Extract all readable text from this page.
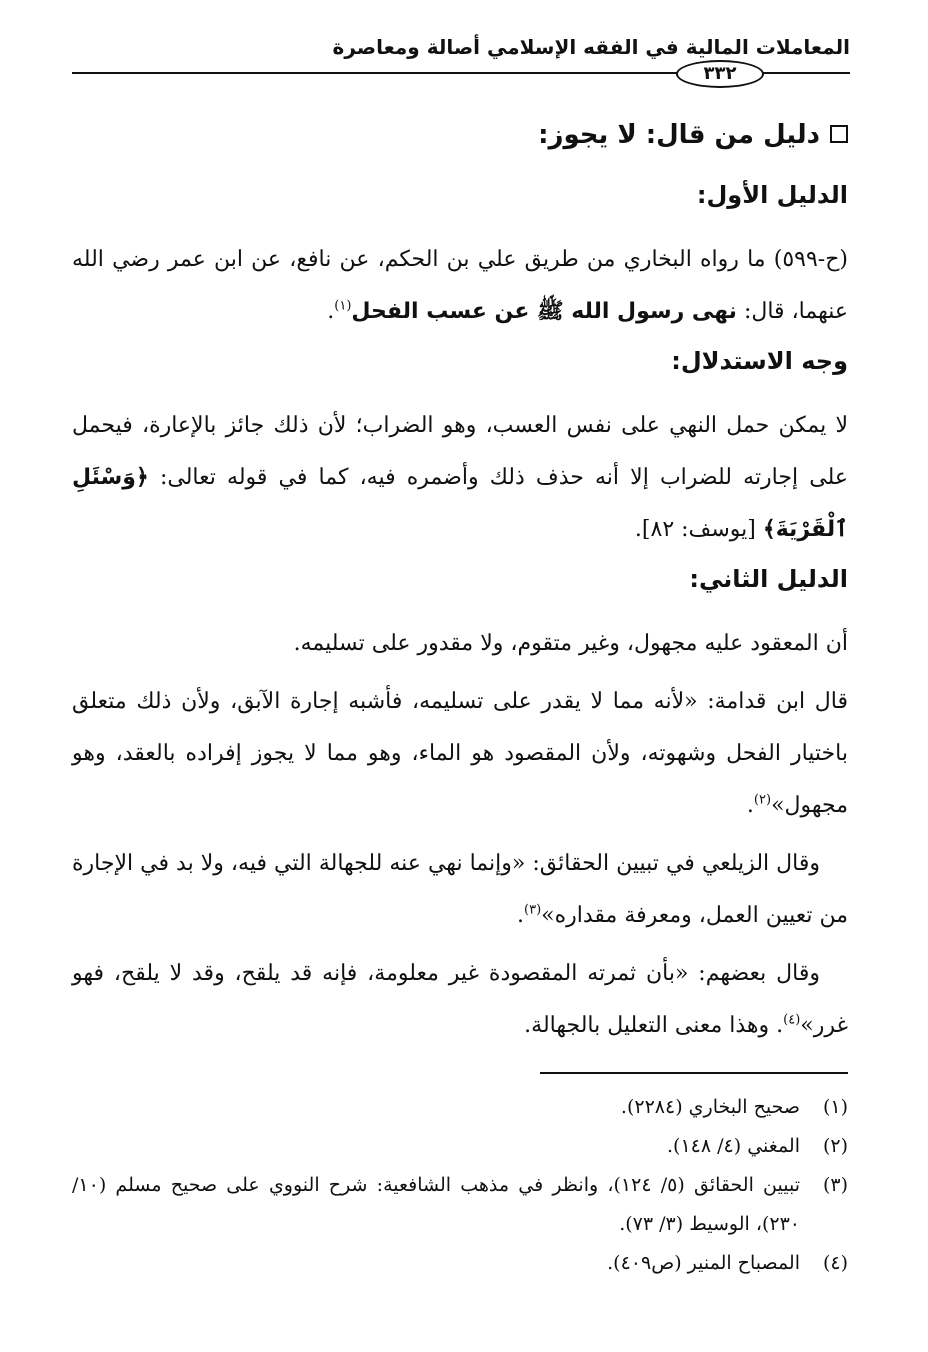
المعاملات المالية في الفقه الإسلامي أصالة ومعاصرة
٣٣٢
دليل من قال: لا يجوز:
الدليل الأول:

(ح-٥٩٩) ما رواه البخاري من طريق علي بن الحكم، عن نافع، عن ابن عمر رضي الله عنهما، قال: نهى رسول الله ﷺ عن عسب الفحل$^{(١)}$.

وجه الاستدلال:

لا يمكن حمل النهي على نفس العسب، وهو الضراب؛ لأن ذلك جائز بالإعارة، فيحمل على إجارته للضراب إلا أنه حذف ذلك وأضمره فيه، كما في قوله تعالى: ﴿وَسْئَلِ ٱلْقَرْيَةَ﴾ [يوسف: ٨٢].

الدليل الثاني:

أن المعقود عليه مجهول، وغير متقوم، ولا مقدور على تسليمه.

قال ابن قدامة: «لأنه مما لا يقدر على تسليمه، فأشبه إجارة الآبق، ولأن ذلك متعلق باختيار الفحل وشهوته، ولأن المقصود هو الماء، وهو مما لا يجوز إفراده بالعقد، وهو مجهول»$^{(٢)}$.

وقال الزيلعي في تبيين الحقائق: «وإنما نهي عنه للجهالة التي فيه، ولا بد في الإجارة من تعيين العمل، ومعرفة مقداره»$^{(٣)}$.

وقال بعضهم: «بأن ثمرته المقصودة غير معلومة، فإنه قد يلقح، وقد لا يلقح، فهو غرر»$^{(٤)}$. وهذا معنى التعليل بالجهالة.

(١)
صحيح البخاري (٢٢٨٤).
(٢)
المغني (٤/ ١٤٨).
(٣)
تبيين الحقائق (٥/ ١٢٤)، وانظر في مذهب الشافعية: شرح النووي على صحيح مسلم (١٠/ ٢٣٠)، الوسيط (٣/ ٧٣).
(٤)
المصباح المنير (ص٤٠٩).
